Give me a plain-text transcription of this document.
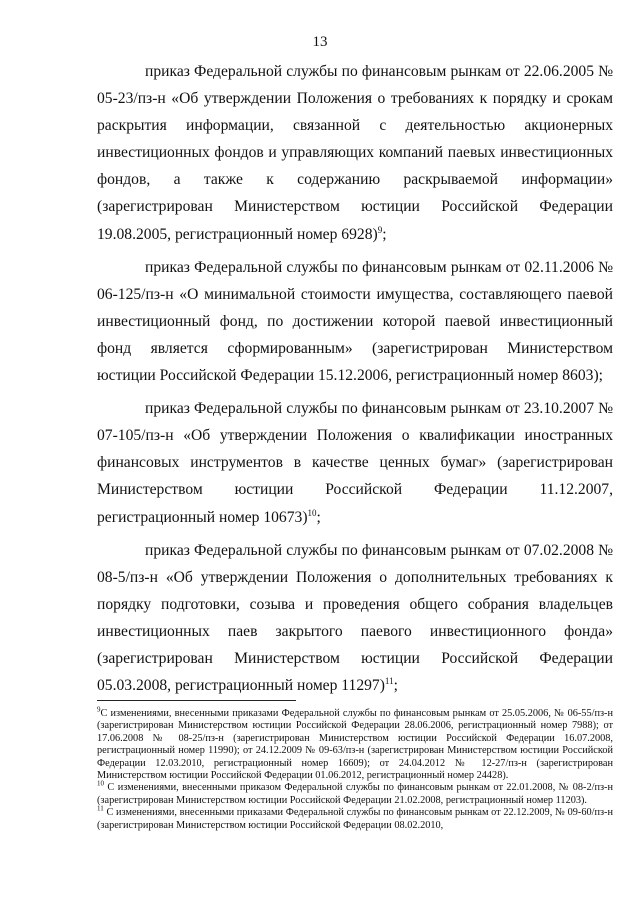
13

приказ Федеральной службы по финансовым рынкам от 22.06.2005 № 05-23/пз-н «Об утверждении Положения о требованиях к порядку и срокам раскрытия информации, связанной с деятельностью акционерных инвестиционных фондов и управляющих компаний паевых инвестиционных фондов, а также к содержанию раскрываемой информации» (зарегистрирован Министерством юстиции Российской Федерации 19.08.2005, регистрационный номер 6928)$^9$;

приказ Федеральной службы по финансовым рынкам от 02.11.2006 № 06-125/пз-н «О минимальной стоимости имущества, составляющего паевой инвестиционный фонд, по достижении которой паевой инвестиционный фонд является сформированным» (зарегистрирован Министерством юстиции Российской Федерации 15.12.2006, регистрационный номер 8603);

приказ Федеральной службы по финансовым рынкам от 23.10.2007 № 07-105/пз-н «Об утверждении Положения о квалификации иностранных финансовых инструментов в качестве ценных бумаг» (зарегистрирован Министерством юстиции Российской Федерации 11.12.2007, регистрационный номер 10673)$^{10}$;

приказ Федеральной службы по финансовым рынкам от 07.02.2008 № 08-5/пз-н «Об утверждении Положения о дополнительных требованиях к порядку подготовки, созыва и проведения общего собрания владельцев инвестиционных паев закрытого паевого инвестиционного фонда» (зарегистрирован Министерством юстиции Российской Федерации 05.03.2008, регистрационный номер 11297)$^{11}$;

$^9$С изменениями, внесенными приказами Федеральной службы по финансовым рынкам от 25.05.2006, № 06-55/пз-н (зарегистрирован Министерством юстиции Российской Федерации 28.06.2006, регистрационный номер 7988); от 17.06.2008 № 08-25/пз-н (зарегистрирован Министерством юстиции Российской Федерации 16.07.2008, регистрационный номер 11990); от 24.12.2009 № 09-63/пз-н (зарегистрирован Министерством юстиции Российской Федерации 12.03.2010, регистрационный номер 16609); от 24.04.2012 № 12-27/пз-н (зарегистрирован Министерством юстиции Российской Федерации 01.06.2012, регистрационный номер 24428).

$^{10}$ С изменениями, внесенными приказом Федеральной службы по финансовым рынкам от 22.01.2008, № 08-2/пз-н (зарегистрирован Министерством юстиции Российской Федерации 21.02.2008, регистрационный номер 11203).

$^{11}$ С изменениями, внесенными приказами Федеральной службы по финансовым рынкам от 22.12.2009, № 09-60/пз-н (зарегистрирован Министерством юстиции Российской Федерации 08.02.2010,
